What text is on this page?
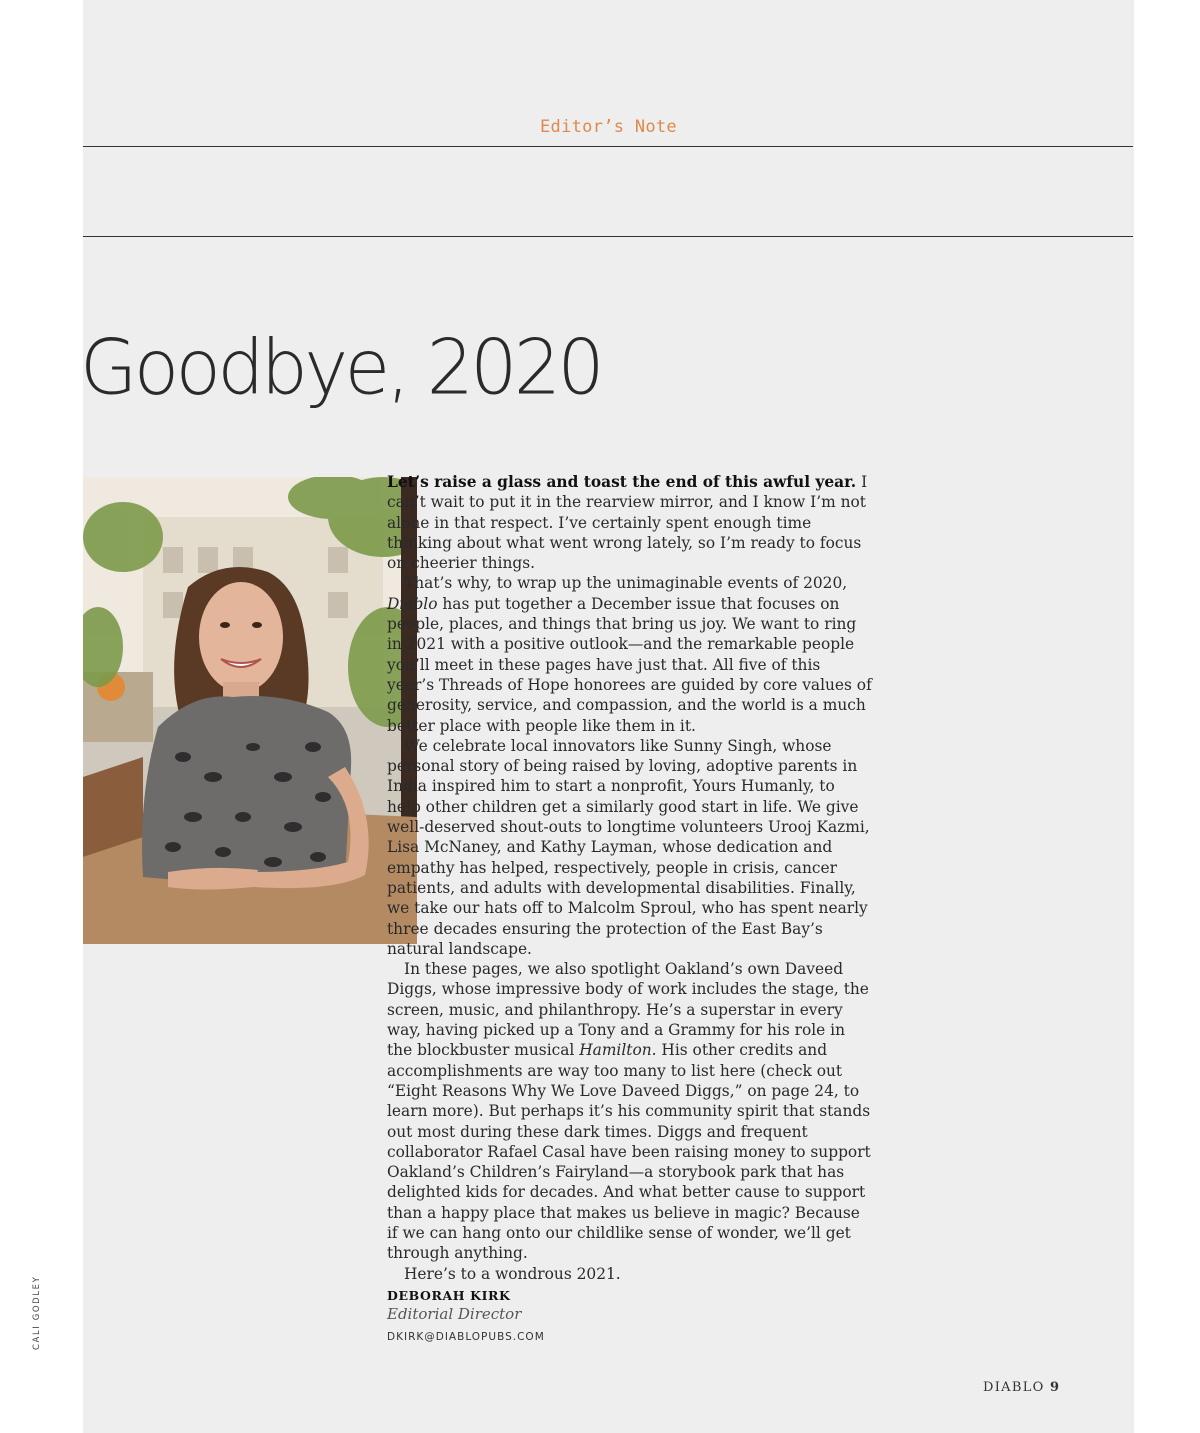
Editor’s Note
Goodbye, 2020

Let’s raise a glass and toast the end of this awful year. I can’t wait to put it in the rearview mirror, and I know I’m not alone in that respect. I’ve certainly spent enough time thinking about what went wrong lately, so I’m ready to focus on cheerier things.

That’s why, to wrap up the unimaginable events of 2020, Diablo has put together a December issue that focuses on people, places, and things that bring us joy. We want to ring in 2021 with a positive outlook—and the remarkable people you’ll meet in these pages have just that. All five of this year’s Threads of Hope honorees are guided by core values of generosity, service, and compassion, and the world is a much better place with people like them in it.

We celebrate local innovators like Sunny Singh, whose personal story of being raised by loving, adoptive parents in India inspired him to start a nonprofit, Yours Humanly, to help other children get a similarly good start in life. We give well-deserved shout-outs to longtime volunteers Urooj Kazmi, Lisa McNaney, and Kathy Layman, whose dedication and empathy has helped, respectively, people in crisis, cancer patients, and adults with developmental disabilities. Finally, we take our hats off to Malcolm Sproul, who has spent nearly three decades ensuring the protection of the East Bay’s natural landscape.

In these pages, we also spotlight Oakland’s own Daveed Diggs, whose impressive body of work includes the stage, the screen, music, and philanthropy. He’s a superstar in every way, having picked up a Tony and a Grammy for his role in the blockbuster musical Hamilton. His other credits and accomplishments are way too many to list here (check out “Eight Reasons Why We Love Daveed Diggs,” on page 24, to learn more). But perhaps it’s his community spirit that stands out most during these dark times. Diggs and frequent collaborator Rafael Casal have been raising money to support Oakland’s Children’s Fairyland—a storybook park that has delighted kids for decades. And what better cause to support than a happy place that makes us believe in magic? Because if we can hang onto our childlike sense of wonder, we’ll get through anything.

Here’s to a wondrous 2021.

DEBORAH KIRK
Editorial Director
DKIRK@DIABLOPUBS.COM
DIABLO 9
CALI GODLEY
